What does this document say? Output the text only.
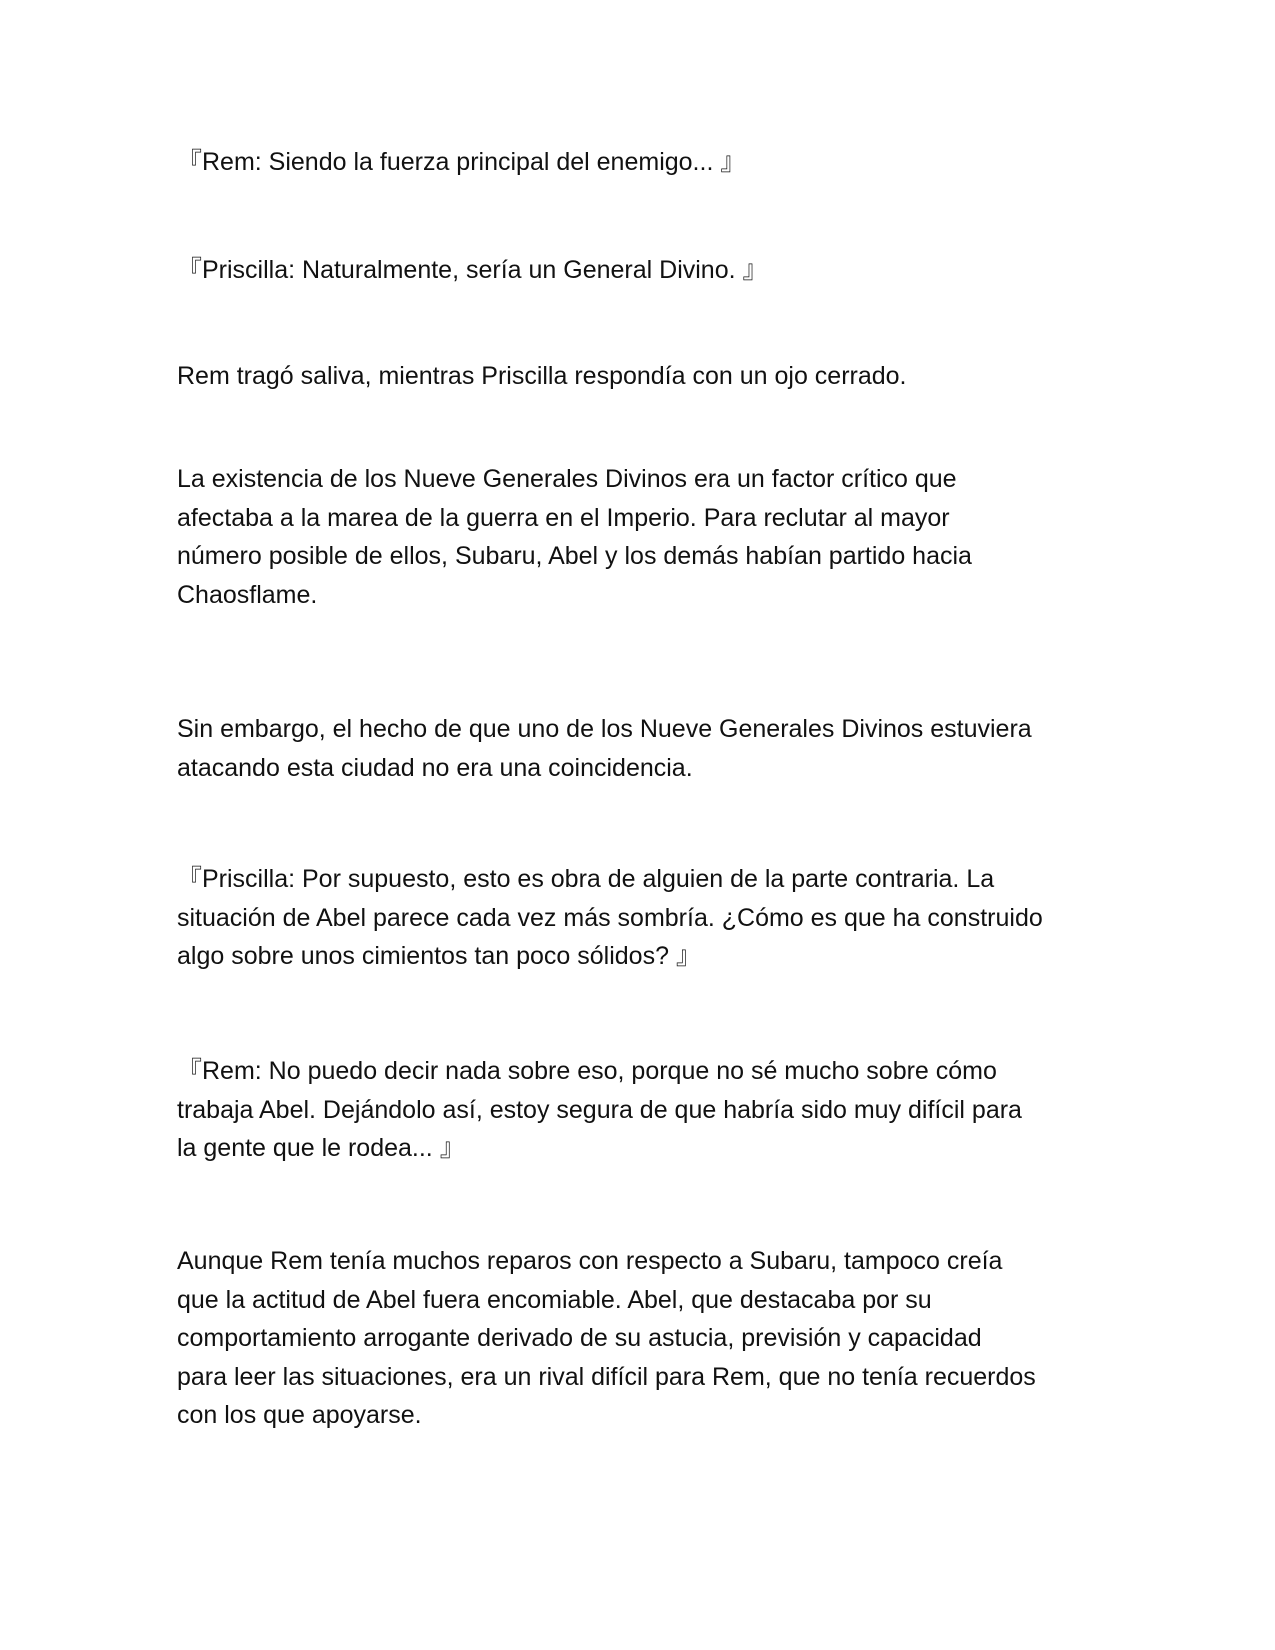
『Rem: Siendo la fuerza principal del enemigo... 』

『Priscilla: Naturalmente, sería un General Divino. 』

Rem tragó saliva, mientras Priscilla respondía con un ojo cerrado.

La existencia de los Nueve Generales Divinos era un factor crítico que
afectaba a la marea de la guerra en el Imperio. Para reclutar al mayor
número posible de ellos, Subaru, Abel y los demás habían partido hacia
Chaosflame.

Sin embargo, el hecho de que uno de los Nueve Generales Divinos estuviera
atacando esta ciudad no era una coincidencia.

『Priscilla: Por supuesto, esto es obra de alguien de la parte contraria. La
situación de Abel parece cada vez más sombría. ¿Cómo es que ha construido
algo sobre unos cimientos tan poco sólidos? 』

『Rem: No puedo decir nada sobre eso, porque no sé mucho sobre cómo
trabaja Abel. Dejándolo así, estoy segura de que habría sido muy difícil para
la gente que le rodea... 』

Aunque Rem tenía muchos reparos con respecto a Subaru, tampoco creía
que la actitud de Abel fuera encomiable. Abel, que destacaba por su
comportamiento arrogante derivado de su astucia, previsión y capacidad
para leer las situaciones, era un rival difícil para Rem, que no tenía recuerdos
con los que apoyarse.
